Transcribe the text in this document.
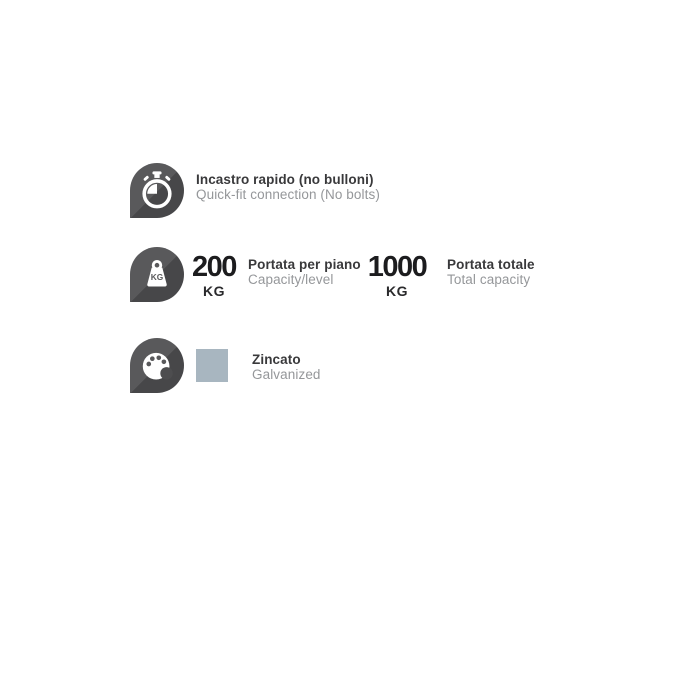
Incastro rapido (no bulloni)
Quick-fit connection (No bolts)
KG 200
KG
Portata per piano
Capacity/level	1000
KG
Portata totale
Total capacity
Zincato
Galvanized
